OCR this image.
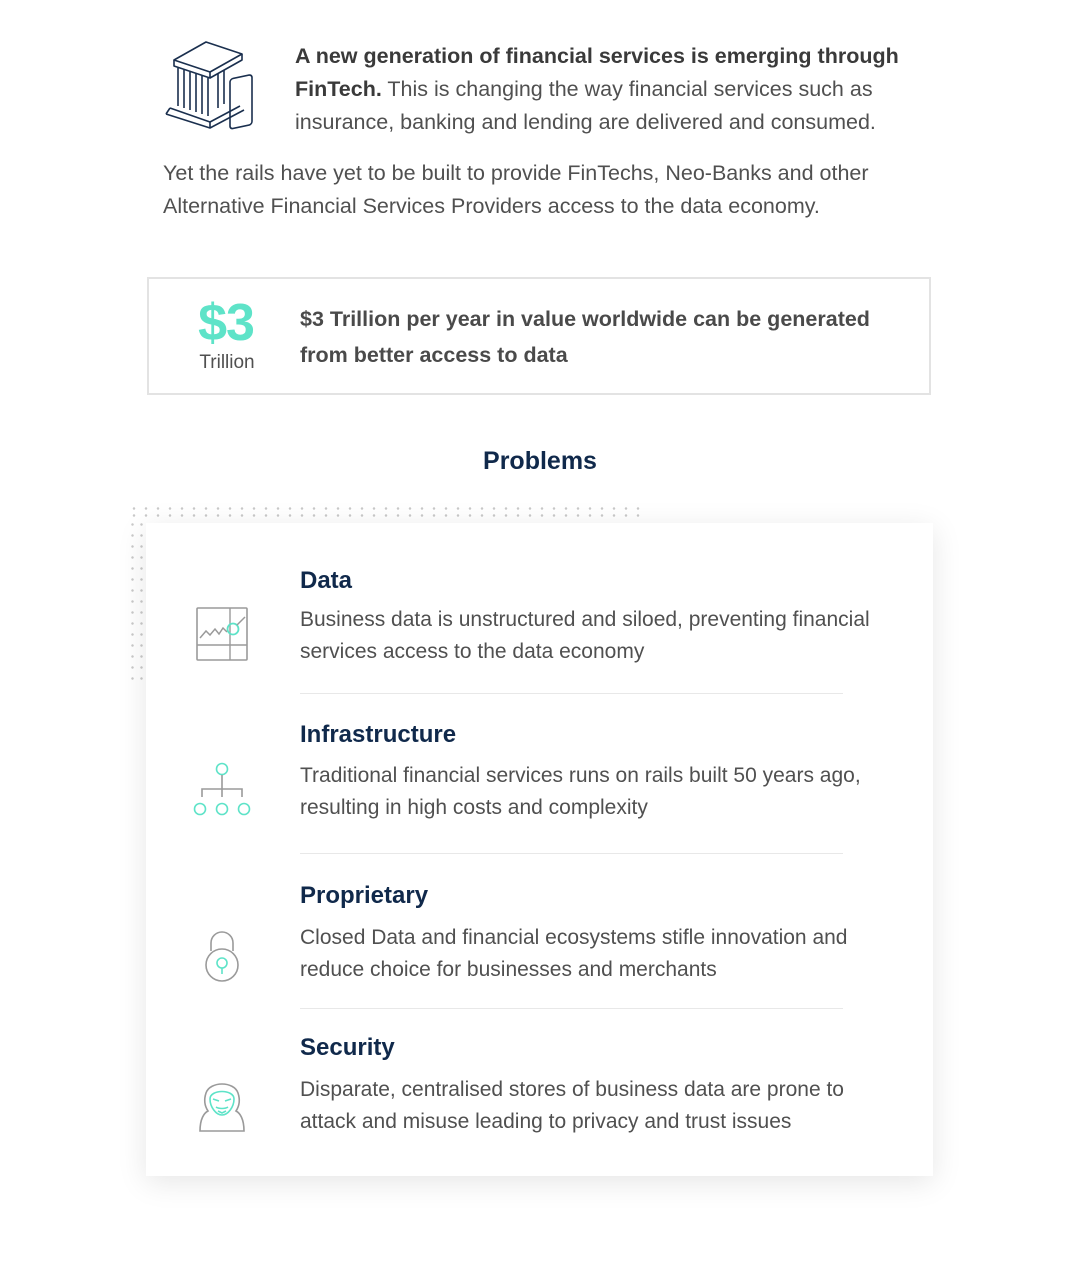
A new generation of financial services is emerging through FinTech. This is changing the way financial services such as insurance, banking and lending are delivered and consumed.
Yet the rails have yet to be built to provide FinTechs, Neo-Banks and other Alternative Financial Services Providers access to the data economy.
$3
Trillion
$3 Trillion per year in value worldwide can be generated from better access to data
Problems
Data
Business data is unstructured and siloed, preventing financial services access to the data economy
Infrastructure
Traditional financial services runs on rails built 50 years ago, resulting in high costs and complexity
Proprietary
Closed Data and financial ecosystems stifle innovation and reduce choice for businesses and merchants
Security
Disparate, centralised stores of business data are prone to attack and misuse leading to privacy and trust issues
